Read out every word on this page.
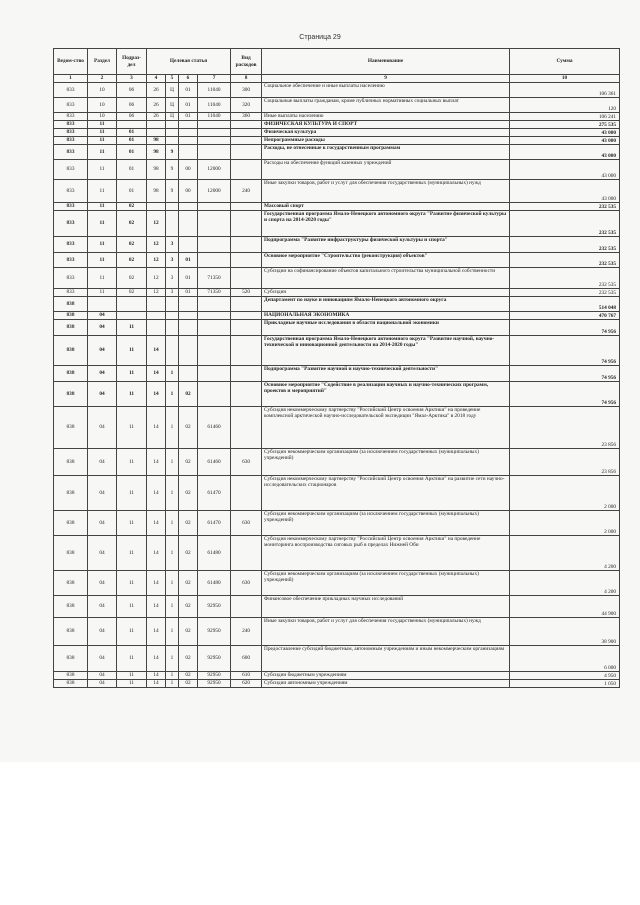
Страница 29
Ведом-ство	Раздел	Подраз-дел	Целевая статья				Вид расходов	Наименование	Сумма
1	2	3	4	5	6	7	8	9	10
833	10	06	26	Ц	01	11040	300	Социальное обеспечение и иные выплаты населению	106 361
833	10	06	26	Ц	01	11040	320	Социальные выплаты гражданам, кроме публичных нормативных социальных выплат	120
833	10	06	26	Ц	01	11040	360	Иные выплаты населению	106 241
833	11							ФИЗИЧЕСКАЯ КУЛЬТУРА И СПОРТ	275 535
833	11	01						Физическая культура	43 000
833	11	01	98					Непрограммные расходы	43 000
833	11	01	98	9				Расходы, не отнесенные к государственным программам	43 000
833	11	01	98	9	00	12000		Расходы на обеспечение функций казенных учреждений	43 000
833	11	01	98	9	00	12000	240	Иные закупки товаров, работ и услуг для обеспечения государственных (муниципальных) нужд	43 000
833	11	02						Массовый спорт	232 535
833	11	02	12					Государственная программа Ямало-Ненецкого автономного округа "Развитие физической культуры и спорта на 2014-2020 годы"	232 535
833	11	02	12	3				Подпрограмма "Развитие инфраструктуры физической культуры и спорта"	232 535
833	11	02	12	3	01			Основное мероприятие "Строительство (реконструкция) объектов"	232 535
833	11	02	12	3	01	71350		Субсидии на софинансирование объектов капитального строительства муниципальной собственности	232 535
833	11	02	12	3	01	71350	520	Субсидии	232 535
838								Департамент по науке и инновациям Ямало-Ненецкого автономного округа	514 048
838	04							НАЦИОНАЛЬНАЯ ЭКОНОМИКА	470 767
838	04	11						Прикладные научные исследования в области национальной экономики	74 956
838	04	11	14					Государственная программа Ямало-Ненецкого автономного округа "Развитие научной, научно-технической и инновационной деятельности на 2014-2020 годы"	74 956
838	04	11	14	1				Подпрограмма "Развитие научной и научно-технической деятельности"	74 956
838	04	11	14	1	02			Основное мероприятие "Содействие в реализации научных и научно-технических программ, проектов и мероприятий"	74 956
838	04	11	14	1	02	61460		Субсидия некоммерческому партнерству "Российский Центр освоения Арктики" на проведение комплексной арктической научно-исследовательской экспедиции "Ямал-Арктика" в 2018 году	23 856
838	04	11	14	1	02	61460	630	Субсидии некоммерческим организациям (за исключением государственных (муниципальных) учреждений)	23 856
838	04	11	14	1	02	61470		Субсидия некоммерческому партнерству "Российский Центр освоения Арктики" на развитие сети научно-исследовательских стационаров	2 000
838	04	11	14	1	02	61470	630	Субсидии некоммерческим организациям (за исключением государственных (муниципальных) учреждений)	2 000
838	04	11	14	1	02	61480		Субсидия некоммерческому партнерству "Российский Центр освоения Арктики" на проведение мониторинга воспроизводства сиговых рыб в пределах Нижней Оби	4 200
838	04	11	14	1	02	61480	630	Субсидии некоммерческим организациям (за исключением государственных (муниципальных) учреждений)	4 200
838	04	11	14	1	02	92950		Финансовое обеспечение прикладных научных исследований	44 900
838	04	11	14	1	02	92950	240	Иные закупки товаров, работ и услуг для обеспечения государственных (муниципальных) нужд	38 900
838	04	11	14	1	02	92950	600	Предоставление субсидий бюджетным, автономным учреждениям и иным некоммерческим организациям	6 000
838	04	11	14	1	02	92950	610	Субсидии бюджетным учреждениям	4 950
838	04	11	14	1	02	92950	620	Субсидии автономным учреждениям	1 050
